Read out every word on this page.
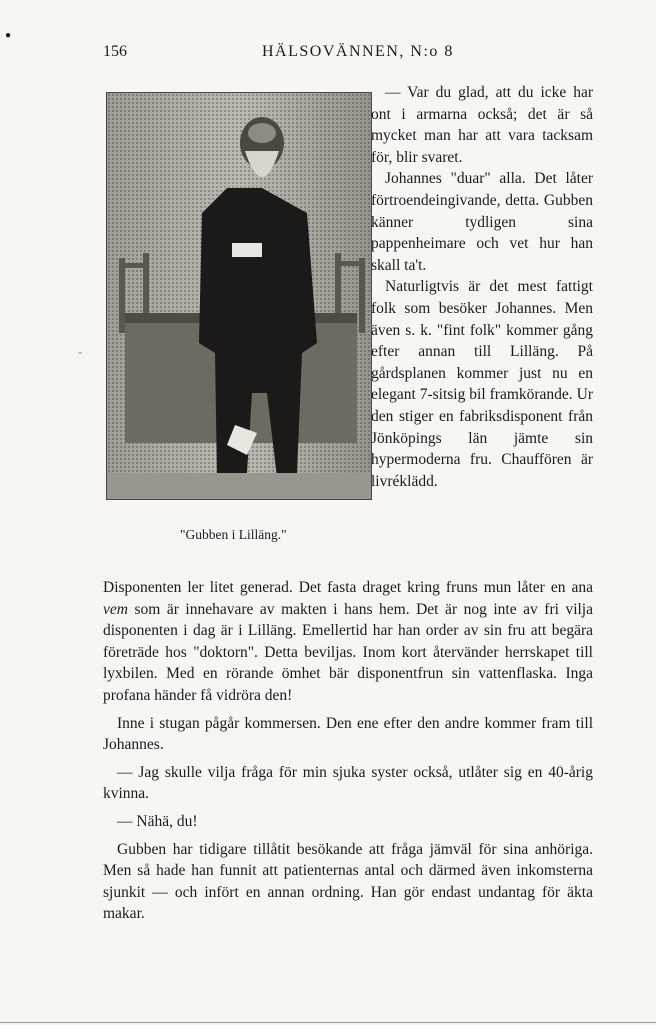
●
-
156	HÄLSOVÄNNEN, N:o 8
"Gubben i Lilläng."

— Var du glad, att du icke har ont i armarna också; det är så mycket man har att vara tacksam för, blir svaret.

Johannes "duar" alla. Det låter förtroendeingivande, detta. Gubben känner tydligen sina pappenheimare och vet hur han skall ta't.

Naturligtvis är det mest fattigt folk som besöker Johannes. Men även s. k. "fint folk" kommer gång efter annan till Lilläng. På gårdsplanen kommer just nu en elegant 7-sitsig bil framkörande. Ur den stiger en fabriksdisponent från Jönköpings län jämte sin hypermoderna fru. Chauffören är livréklädd.

Disponenten ler litet generad. Det fasta draget kring fruns mun låter en ana vem som är innehavare av makten i hans hem. Det är nog inte av fri vilja disponenten i dag är i Lilläng. Emellertid har han order av sin fru att begära företräde hos "doktorn". Detta beviljas. Inom kort återvänder herrskapet till lyxbilen. Med en rörande ömhet bär disponentfrun sin vattenflaska. Inga profana händer få vidröra den!

Inne i stugan pågår kommersen. Den ene efter den andre kommer fram till Johannes.

— Jag skulle vilja fråga för min sjuka syster också, utlåter sig en 40-årig kvinna.

— Nähä, du!

Gubben har tidigare tillåtit besökande att fråga jämväl för sina anhöriga. Men så hade han funnit att patienternas antal och därmed även inkomsterna sjunkit — och infört en annan ordning. Han gör endast undantag för äkta makar.
